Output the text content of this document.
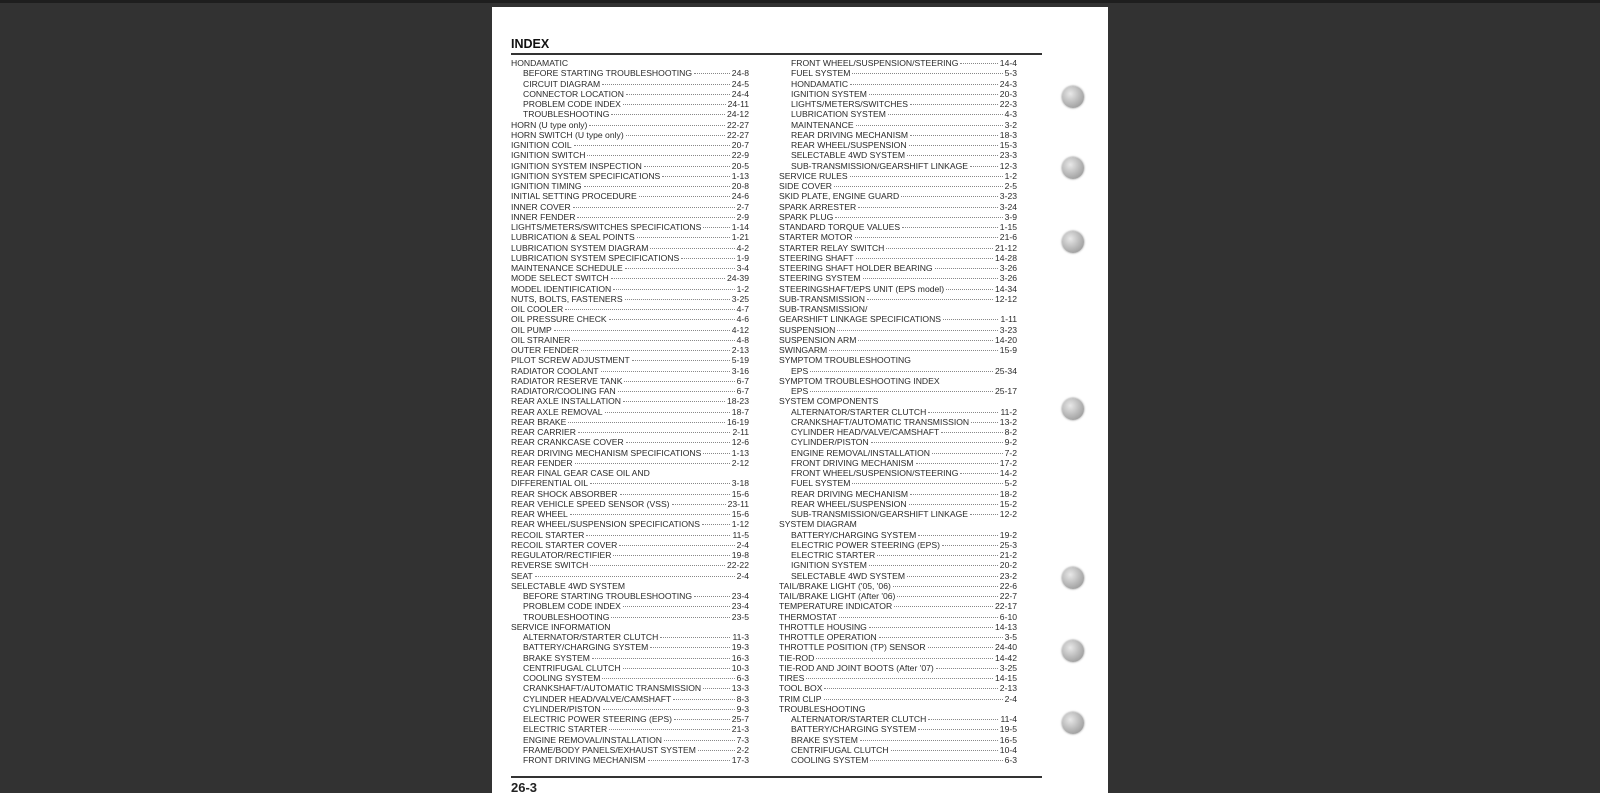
INDEX
HONDAMATIC
BEFORE STARTING TROUBLESHOOTING	24-8
CIRCUIT DIAGRAM	24-5
CONNECTOR LOCATION	24-4
PROBLEM CODE INDEX	24-11
TROUBLESHOOTING	24-12
HORN (U type only)	22-27
HORN SWITCH (U type only)	22-27
IGNITION COIL	20-7
IGNITION SWITCH	22-9
IGNITION SYSTEM INSPECTION	20-5
IGNITION SYSTEM SPECIFICATIONS	1-13
IGNITION TIMING	20-8
INITIAL SETTING PROCEDURE	24-6
INNER COVER	2-7
INNER FENDER	2-9
LIGHTS/METERS/SWITCHES SPECIFICATIONS	1-14
LUBRICATION & SEAL POINTS	1-21
LUBRICATION SYSTEM DIAGRAM	4-2
LUBRICATION SYSTEM SPECIFICATIONS	1-9
MAINTENANCE SCHEDULE	3-4
MODE SELECT SWITCH	24-39
MODEL IDENTIFICATION	1-2
NUTS, BOLTS, FASTENERS	3-25
OIL COOLER	4-7
OIL PRESSURE CHECK	4-6
OIL PUMP	4-12
OIL STRAINER	4-8
OUTER FENDER	2-13
PILOT SCREW ADJUSTMENT	5-19
RADIATOR COOLANT	3-16
RADIATOR RESERVE TANK	6-7
RADIATOR/COOLING FAN	6-7
REAR AXLE INSTALLATION	18-23
REAR AXLE REMOVAL	18-7
REAR BRAKE	16-19
REAR CARRIER	2-11
REAR CRANKCASE COVER	12-6
REAR DRIVING MECHANISM SPECIFICATIONS	1-13
REAR FENDER	2-12
REAR FINAL GEAR CASE OIL AND
DIFFERENTIAL OIL	3-18
REAR SHOCK ABSORBER	15-6
REAR VEHICLE SPEED SENSOR (VSS)	23-11
REAR WHEEL	15-6
REAR WHEEL/SUSPENSION SPECIFICATIONS	1-12
RECOIL STARTER	11-5
RECOIL STARTER COVER	2-4
REGULATOR/RECTIFIER	19-8
REVERSE SWITCH	22-22
SEAT	2-4
SELECTABLE 4WD SYSTEM
BEFORE STARTING TROUBLESHOOTING	23-4
PROBLEM CODE INDEX	23-4
TROUBLESHOOTING	23-5
SERVICE INFORMATION
ALTERNATOR/STARTER CLUTCH	11-3
BATTERY/CHARGING SYSTEM	19-3
BRAKE SYSTEM	16-3
CENTRIFUGAL CLUTCH	10-3
COOLING SYSTEM	6-3
CRANKSHAFT/AUTOMATIC TRANSMISSION	13-3
CYLINDER HEAD/VALVE/CAMSHAFT	8-3
CYLINDER/PISTON	9-3
ELECTRIC POWER STEERING (EPS)	25-7
ELECTRIC STARTER	21-3
ENGINE REMOVAL/INSTALLATION	7-3
FRAME/BODY PANELS/EXHAUST SYSTEM	2-2
FRONT DRIVING MECHANISM	17-3
FRONT WHEEL/SUSPENSION/STEERING	14-4
FUEL SYSTEM	5-3
HONDAMATIC	24-3
IGNITION SYSTEM	20-3
LIGHTS/METERS/SWITCHES	22-3
LUBRICATION SYSTEM	4-3
MAINTENANCE	3-2
REAR DRIVING MECHANISM	18-3
REAR WHEEL/SUSPENSION	15-3
SELECTABLE 4WD SYSTEM	23-3
SUB-TRANSMISSION/GEARSHIFT LINKAGE	12-3
SERVICE RULES	1-2
SIDE COVER	2-5
SKID PLATE, ENGINE GUARD	3-23
SPARK ARRESTER	3-24
SPARK PLUG	3-9
STANDARD TORQUE VALUES	1-15
STARTER MOTOR	21-6
STARTER RELAY SWITCH	21-12
STEERING SHAFT	14-28
STEERING SHAFT HOLDER BEARING	3-26
STEERING SYSTEM	3-26
STEERINGSHAFT/EPS UNIT (EPS model)	14-34
SUB-TRANSMISSION	12-12
SUB-TRANSMISSION/
GEARSHIFT LINKAGE SPECIFICATIONS	1-11
SUSPENSION	3-23
SUSPENSION ARM	14-20
SWINGARM	15-9
SYMPTOM TROUBLESHOOTING
EPS	25-34
SYMPTOM TROUBLESHOOTING INDEX
EPS	25-17
SYSTEM COMPONENTS
ALTERNATOR/STARTER CLUTCH	11-2
CRANKSHAFT/AUTOMATIC TRANSMISSION	13-2
CYLINDER HEAD/VALVE/CAMSHAFT	8-2
CYLINDER/PISTON	9-2
ENGINE REMOVAL/INSTALLATION	7-2
FRONT DRIVING MECHANISM	17-2
FRONT WHEEL/SUSPENSION/STEERING	14-2
FUEL SYSTEM	5-2
REAR DRIVING MECHANISM	18-2
REAR WHEEL/SUSPENSION	15-2
SUB-TRANSMISSION/GEARSHIFT LINKAGE	12-2
SYSTEM DIAGRAM
BATTERY/CHARGING SYSTEM	19-2
ELECTRIC POWER STEERING (EPS)	25-3
ELECTRIC STARTER	21-2
IGNITION SYSTEM	20-2
SELECTABLE 4WD SYSTEM	23-2
TAIL/BRAKE LIGHT ('05, '06)	22-6
TAIL/BRAKE LIGHT (After '06)	22-7
TEMPERATURE INDICATOR	22-17
THERMOSTAT	6-10
THROTTLE HOUSING	14-13
THROTTLE OPERATION	3-5
THROTTLE POSITION (TP) SENSOR	24-40
TIE-ROD	14-42
TIE-ROD AND JOINT BOOTS (After '07)	3-25
TIRES	14-15
TOOL BOX	2-13
TRIM CLIP	2-4
TROUBLESHOOTING
ALTERNATOR/STARTER CLUTCH	11-4
BATTERY/CHARGING SYSTEM	19-5
BRAKE SYSTEM	16-5
CENTRIFUGAL CLUTCH	10-4
COOLING SYSTEM	6-3
26-3
